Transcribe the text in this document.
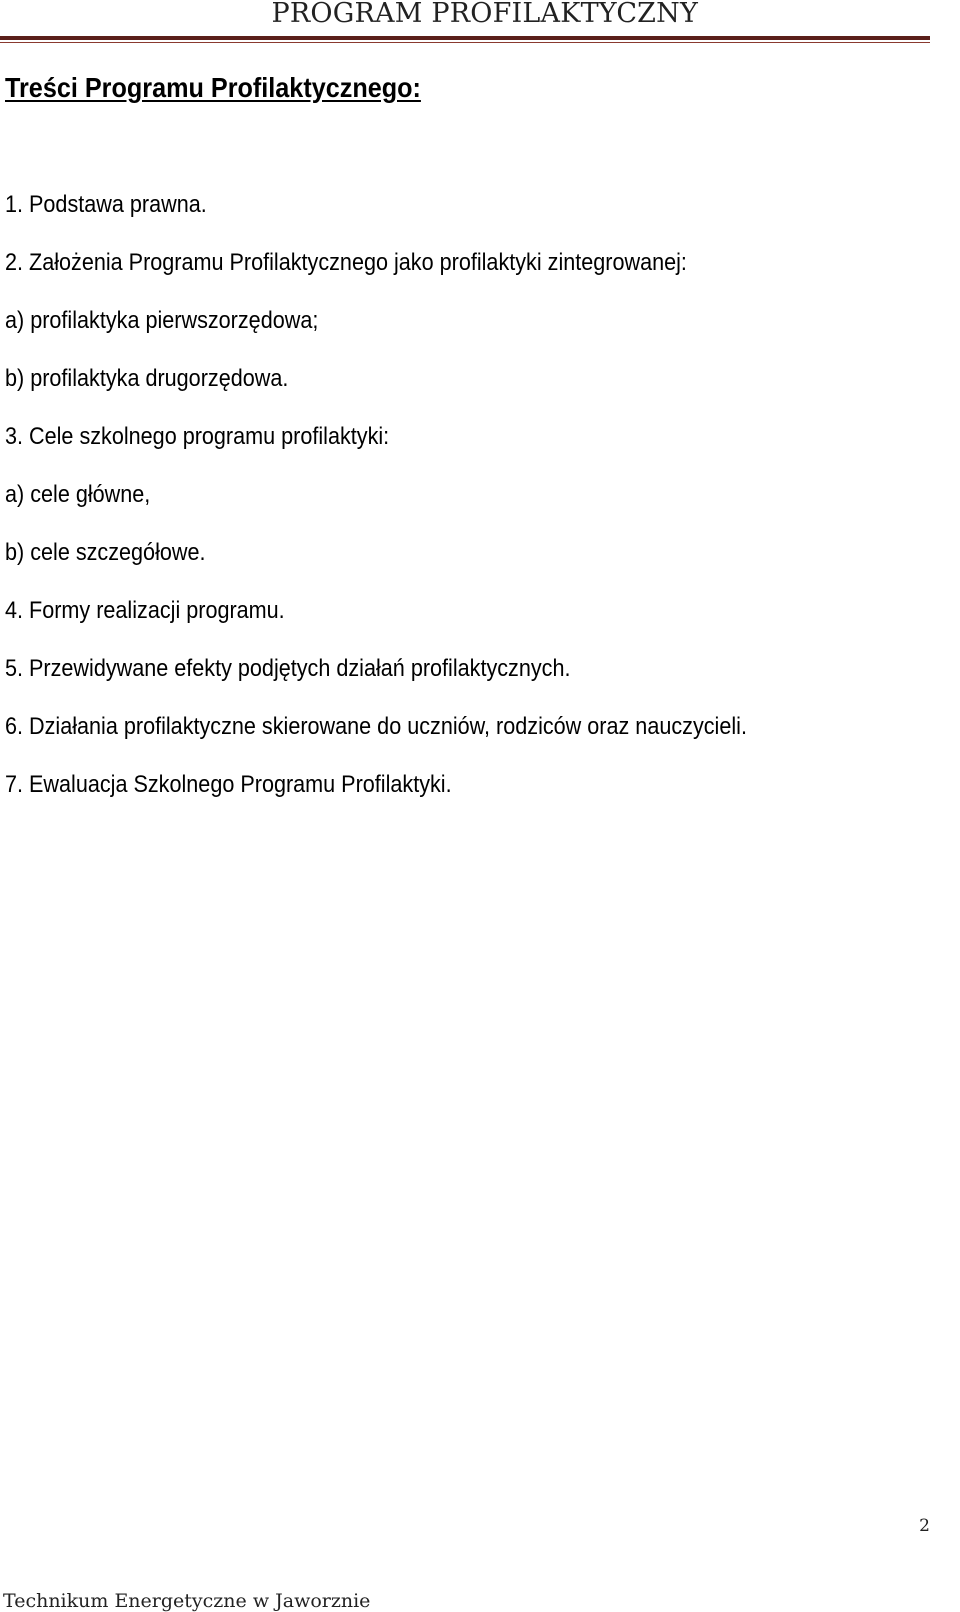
PROGRAM PROFILAKTYCZNY
Treści Programu Profilaktycznego:
1. Podstawa prawna.
2. Założenia Programu Profilaktycznego jako profilaktyki zintegrowanej:
a) profilaktyka pierwszorzędowa;
b) profilaktyka drugorzędowa.
3. Cele szkolnego programu profilaktyki:
a) cele główne,
b) cele szczegółowe.
4. Formy realizacji programu.
5. Przewidywane efekty podjętych działań profilaktycznych.
6. Działania profilaktyczne skierowane do uczniów, rodziców oraz nauczycieli.
7. Ewaluacja Szkolnego Programu Profilaktyki.
2
Technikum Energetyczne w Jaworznie
